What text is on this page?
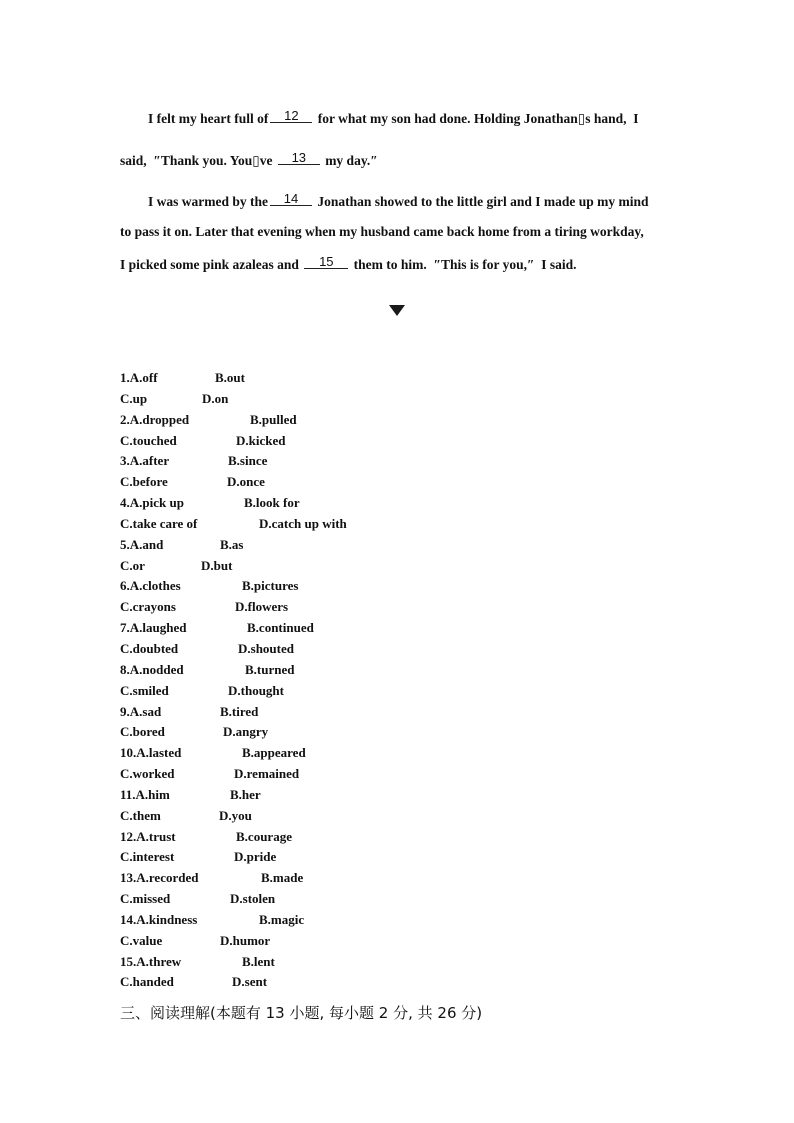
I felt my heart full of 12 for what my son had done. Holding Jonathan▯s hand,  I
said,  ″Thank you. You▯ve 13 my day.″
I was warmed by the 14 Jonathan showed to the little girl and I made up my mind
to pass it on. Later that evening when my husband came back home from a tiring workday,
I picked some pink azaleas and 15 them to him.  ″This is for you,″  I said.
1.A.off	B.out
C.up	D.on
2.A.dropped	B.pulled
C.touched	D.kicked
3.A.after	B.since
C.before	D.once
4.A.pick up	B.look for
C.take care of	D.catch up with
5.A.and	B.as
C.or	D.but
6.A.clothes	B.pictures
C.crayons	D.flowers
7.A.laughed	B.continued
C.doubted	D.shouted
8.A.nodded	B.turned
C.smiled	D.thought
9.A.sad	B.tired
C.bored	D.angry
10.A.lasted	B.appeared
C.worked	D.remained
11.A.him	B.her
C.them	D.you
12.A.trust	B.courage
C.interest	D.pride
13.A.recorded	B.made
C.missed	D.stolen
14.A.kindness	B.magic
C.value	D.humor
15.A.threw	B.lent
C.handed	D.sent
三、阅读理解(本题有 13 小题, 每小题 2 分, 共 26 分)
